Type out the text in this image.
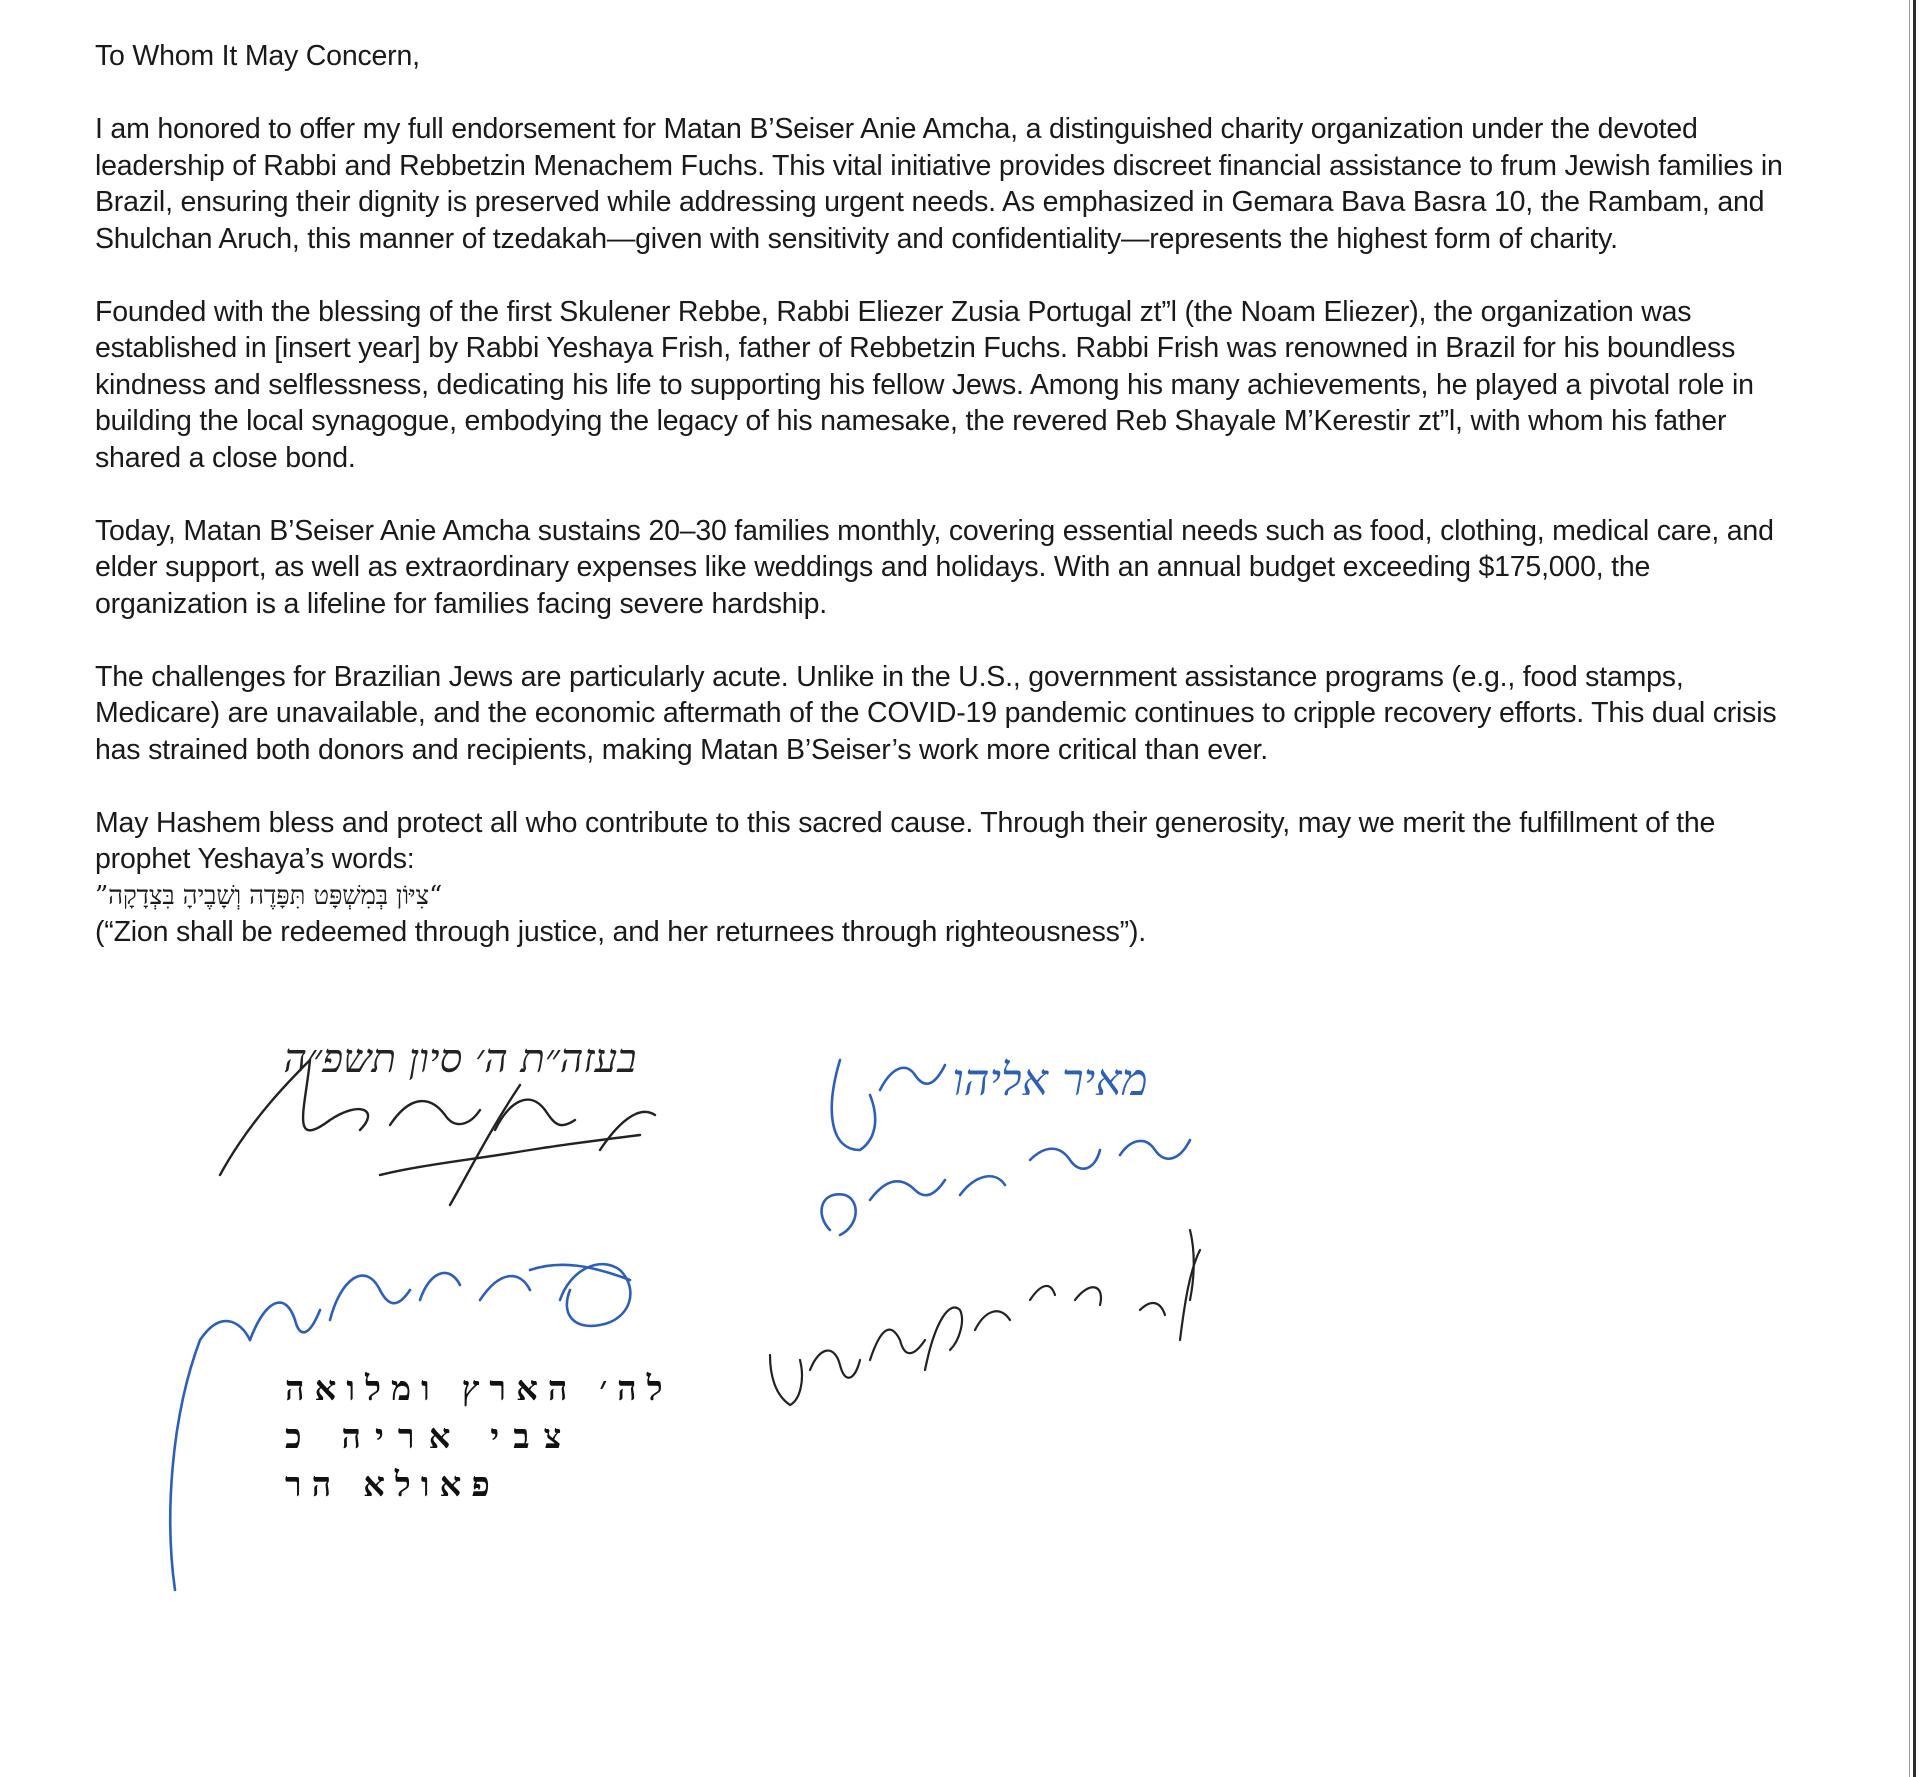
To Whom It May Concern,

I am honored to offer my full endorsement for Matan B’Seiser Anie Amcha, a distinguished charity organization under the devoted leadership of Rabbi and Rebbetzin Menachem Fuchs. This vital initiative provides discreet financial assistance to frum Jewish families in Brazil, ensuring their dignity is preserved while addressing urgent needs. As emphasized in Gemara Bava Basra 10, the Rambam, and Shulchan Aruch, this manner of tzedakah—given with sensitivity and confidentiality—represents the highest form of charity.

Founded with the blessing of the first Skulener Rebbe, Rabbi Eliezer Zusia Portugal zt”l (the Noam Eliezer), the organization was established in [insert year] by Rabbi Yeshaya Frish, father of Rebbetzin Fuchs. Rabbi Frish was renowned in Brazil for his boundless kindness and selflessness, dedicating his life to supporting his fellow Jews. Among his many achievements, he played a pivotal role in building the local synagogue, embodying the legacy of his namesake, the revered Reb Shayale M’Kerestir zt”l, with whom his father shared a close bond.

Today, Matan B’Seiser Anie Amcha sustains 20–30 families monthly, covering essential needs such as food, clothing, medical care, and elder support, as well as extraordinary expenses like weddings and holidays. With an annual budget exceeding $175,000, the organization is a lifeline for families facing severe hardship.

The challenges for Brazilian Jews are particularly acute. Unlike in the U.S., government assistance programs (e.g., food stamps, Medicare) are unavailable, and the economic aftermath of the COVID-19 pandemic continues to cripple recovery efforts. This dual crisis has strained both donors and recipients, making Matan B’Seiser’s work more critical than ever.

May Hashem bless and protect all who contribute to this sacred cause. Through their generosity, may we merit the fulfillment of the prophet Yeshaya’s words:

“צִיּוֹן בְּמִשְׁפָּט תִּפָּדֶה וְשָׁבֶיהָ בִּצְדָקָה”

(“Zion shall be redeemed through justice, and her returnees through righteousness”).

בעזה״ת ה׳ סיון תשפ״ה	מאיר אליהו
לה׳ הארץ ומלואה
צבי אריה כ
פאולא הר
